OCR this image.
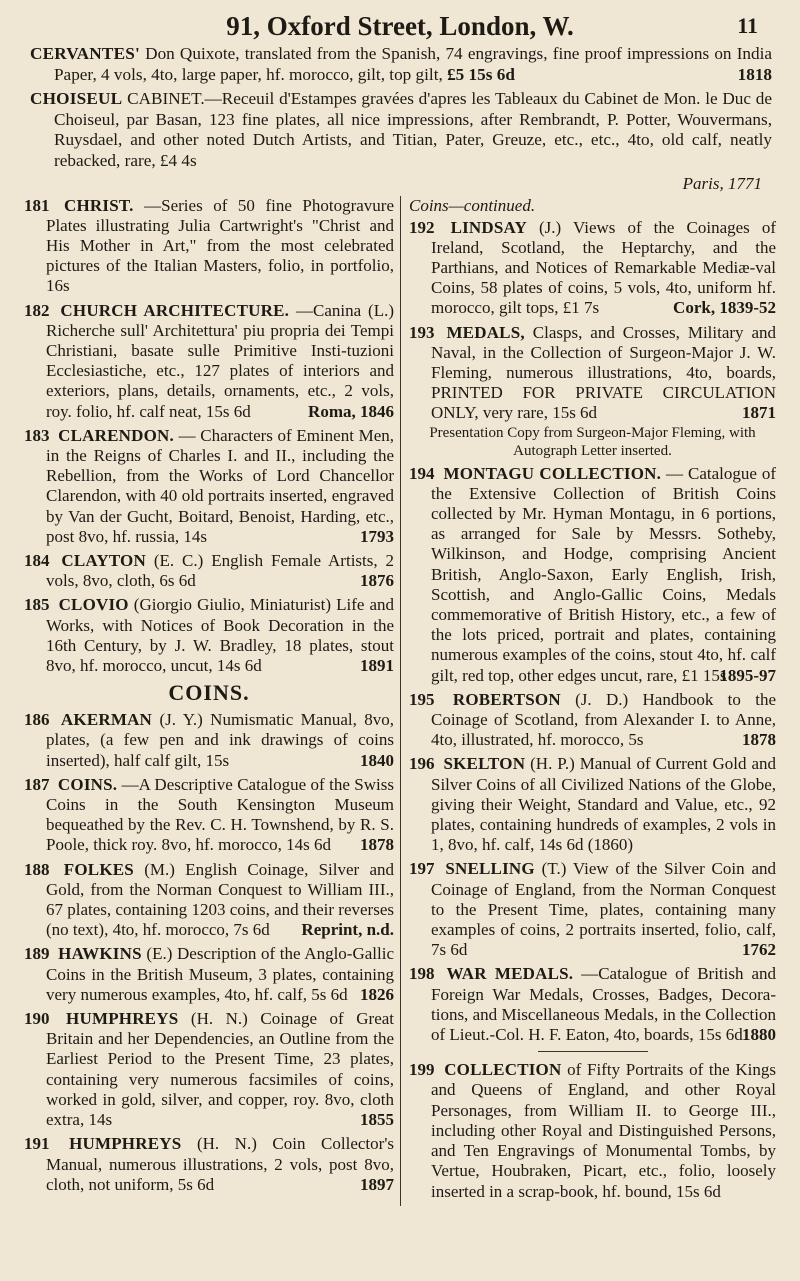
91, Oxford Street, London, W.	11

CERVANTES' Don Quixote, translated from the Spanish, 74 engravings, fine proof impressions on India Paper, 4 vols, 4to, large paper, hf. morocco, gilt, top gilt, £5 15s 6d	1818

CHOISEUL CABINET.—Receuil d'Estampes gravées d'apres les Tableaux du Cabinet de Mon. le Duc de Choiseul, par Basan, 123 fine plates, all nice impressions, after Rembrandt, P. Potter, Wouvermans, Ruysdael, and other noted Dutch Artists, and Titian, Pater, Greuze, etc., etc., 4to, old calf, neatly rebacked, rare, £4 4s

Paris, 1771

181 CHRIST. —Series of 50 fine Photogravure Plates illustrating Julia Cartwright's "Christ and His Mother in Art," from the most celebrated pictures of the Italian Masters, folio, in portfolio, 16s

182 CHURCH ARCHITECTURE. —Canina (L.) Richerche sull' Architettura' piu propria dei Tempi Christiani, basate sulle Primitive Insti-tuzioni Ecclesiastiche, etc., 127 plates of interiors and exteriors, plans, details, ornaments, etc., 2 vols, roy. folio, hf. calf neat, 15s 6d	Roma, 1846

183 CLARENDON. — Characters of Eminent Men, in the Reigns of Charles I. and II., including the Rebellion, from the Works of Lord Chancellor Clarendon, with 40 old portraits inserted, engraved by Van der Gucht, Boitard, Benoist, Harding, etc., post 8vo, hf. russia, 14s	1793

184 CLAYTON (E. C.) English Female Artists, 2 vols, 8vo, cloth, 6s 6d	1876

185 CLOVIO (Giorgio Giulio, Miniaturist) Life and Works, with Notices of Book Decoration in the 16th Century, by J. W. Bradley, 18 plates, stout 8vo, hf. morocco, uncut, 14s 6d	1891

COINS.

186 AKERMAN (J. Y.) Numismatic Manual, 8vo, plates, (a few pen and ink drawings of coins inserted), half calf gilt, 15s	1840

187 COINS. —A Descriptive Catalogue of the Swiss Coins in the South Kensington Museum bequeathed by the Rev. C. H. Townshend, by R. S. Poole, thick roy. 8vo, hf. morocco, 14s 6d 1878

188 FOLKES (M.) English Coinage, Silver and Gold, from the Norman Conquest to William III., 67 plates, containing 1203 coins, and their reverses (no text), 4to, hf. morocco, 7s 6d Reprint, n.d.

189 HAWKINS (E.) Description of the Anglo-Gallic Coins in the British Museum, 3 plates, containing very numerous examples, 4to, hf. calf, 5s 6d 1826

190 HUMPHREYS (H. N.) Coinage of Great Britain and her Dependencies, an Outline from the Earliest Period to the Present Time, 23 plates, containing very numerous facsimiles of coins, worked in gold, silver, and copper, roy. 8vo, cloth extra, 14s	1855

191 HUMPHREYS (H. N.) Coin Collector's Manual, numerous illustrations, 2 vols, post 8vo, cloth, not uniform, 5s 6d	1897

Coins—continued.

192 LINDSAY (J.) Views of the Coinages of Ireland, Scotland, the Heptarchy, and the Parthians, and Notices of Remarkable Mediæ-val Coins, 58 plates of coins, 5 vols, 4to, uniform hf. morocco, gilt tops, £1 7s	Cork, 1839-52

193 MEDALS, Clasps, and Crosses, Military and Naval, in the Collection of Surgeon-Major J. W. Fleming, numerous illustrations, 4to, boards, PRINTED FOR PRIVATE CIRCULATION ONLY, very rare, 15s 6d	1871
Presentation Copy from Surgeon-Major Fleming, with Autograph Letter inserted.

194 MONTAGU COLLECTION. — Catalogue of the Extensive Collection of British Coins collected by Mr. Hyman Montagu, in 6 portions, as arranged for Sale by Messrs. Sotheby, Wilkinson, and Hodge, comprising Ancient British, Anglo-Saxon, Early English, Irish, Scottish, and Anglo-Gallic Coins, Medals commemorative of British History, etc., a few of the lots priced, portrait and plates, containing numerous examples of the coins, stout 4to, hf. calf gilt, red top, other edges uncut, rare, £1 15s
1895-97

195 ROBERTSON (J. D.) Handbook to the Coinage of Scotland, from Alexander I. to Anne, 4to, illustrated, hf. morocco, 5s	1878

196 SKELTON (H. P.) Manual of Current Gold and Silver Coins of all Civilized Nations of the Globe, giving their Weight, Standard and Value, etc., 92 plates, containing hundreds of examples, 2 vols in 1, 8vo, hf. calf, 14s 6d (1860)

197 SNELLING (T.) View of the Silver Coin and Coinage of England, from the Norman Conquest to the Present Time, plates, containing many examples of coins, 2 portraits inserted, folio, calf, 7s 6d	1762

198 WAR MEDALS. —Catalogue of British and Foreign War Medals, Crosses, Badges, Decora-tions, and Miscellaneous Medals, in the Collection of Lieut.-Col. H. F. Eaton, 4to, boards, 15s 6d 1880

199 COLLECTION of Fifty Portraits of the Kings and Queens of England, and other Royal Personages, from William II. to George III., including other Royal and Distinguished Persons, and Ten Engravings of Monumental Tombs, by Vertue, Houbraken, Picart, etc., folio, loosely inserted in a scrap-book, hf. bound, 15s 6d
